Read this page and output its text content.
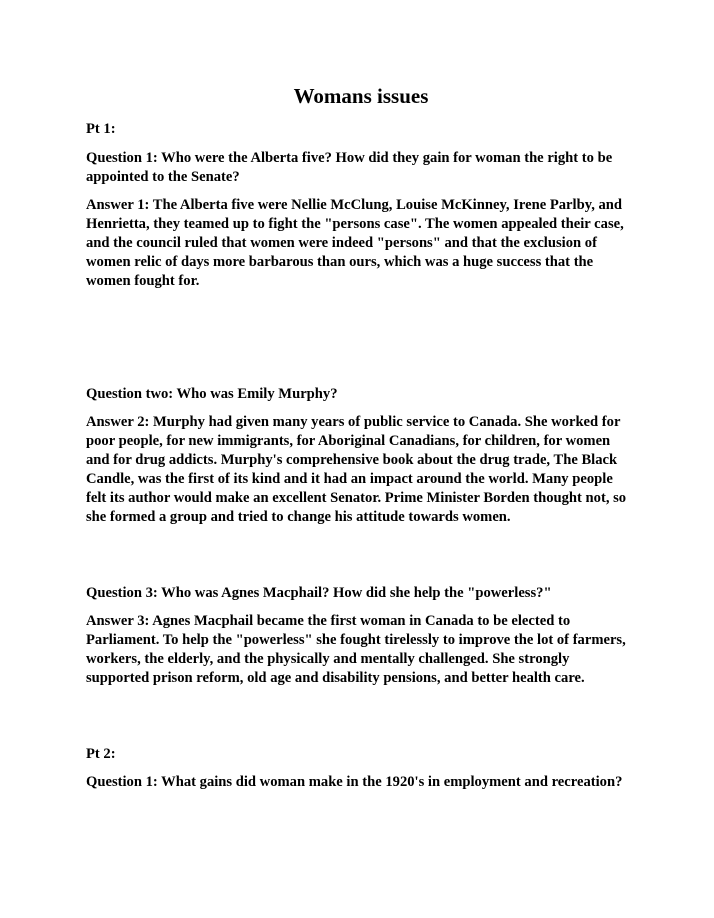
Womans issues

Pt 1:

Question 1: Who were the Alberta five? How did they gain for woman the right to be appointed to the Senate?

Answer 1: The Alberta five were Nellie McClung, Louise McKinney, Irene Parlby, and Henrietta, they teamed up to fight the "persons case". The women appealed their case, and the council ruled that women were indeed "persons" and that the exclusion of women relic of days more barbarous than ours, which was a huge success that the women fought for.

Question two: Who was Emily Murphy?

Answer 2: Murphy had given many years of public service to Canada. She worked for poor people, for new immigrants, for Aboriginal Canadians, for children, for women and for drug addicts. Murphy's comprehensive book about the drug trade, The Black Candle, was the first of its kind and it had an impact around the world. Many people felt its author would make an excellent Senator. Prime Minister Borden thought not, so she formed a group and tried to change his attitude towards women.

Question 3: Who was Agnes Macphail? How did she help the "powerless?"

Answer 3: Agnes Macphail became the first woman in Canada to be elected to Parliament. To help the "powerless" she fought tirelessly to improve the lot of farmers, workers, the elderly, and the physically and mentally challenged. She strongly supported prison reform, old age and disability pensions, and better health care.

Pt 2:

Question 1: What gains did woman make in the 1920's in employment and recreation?
